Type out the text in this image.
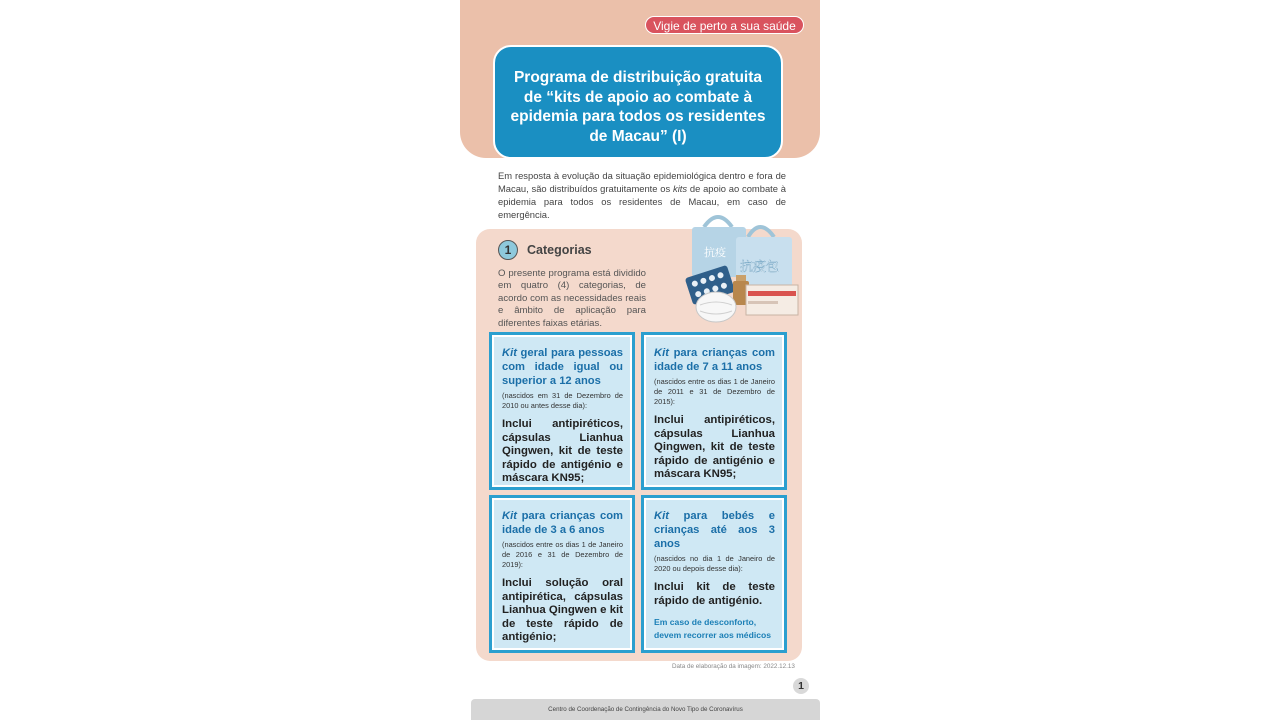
Vigie de perto a sua saúde
Programa de distribuição gratuita de “kits de apoio ao combate à epidemia para todos os residentes de Macau” (I)
Em resposta à evolução da situação epidemiológica dentro e fora de Macau, são distribuídos gratuitamente os kits de apoio ao combate à epidemia para todos os residentes de Macau, em caso de emergência.
1	Categorias
O presente programa está dividido em quatro (4) categorias, de acordo com as necessidades reais e âmbito de aplicação para diferentes faixas etárias.
抗疫
抗疫包
Kit geral para pessoas com idade igual ou superior a 12 anos
(nascidos em 31 de Dezembro de 2010 ou antes desse dia):
Inclui antipiréticos, cápsulas Lianhua Qingwen, kit de teste rápido de antigénio e máscara KN95;
Kit para crianças com idade de 7 a 11 anos
(nascidos entre os dias 1 de Janeiro de 2011 e 31 de Dezembro de 2015):
Inclui antipiréticos, cápsulas Lianhua Qingwen, kit de teste rápido de antigénio e máscara KN95;
Kit para crianças com idade de 3 a 6 anos
(nascidos entre os dias 1 de Janeiro de 2016 e 31 de Dezembro de 2019):
Inclui solução oral antipirética, cápsulas Lianhua Qingwen e kit de teste rápido de antigénio;
Kit para bebés e crianças até aos 3 anos
(nascidos no dia 1 de Janeiro de 2020 ou depois desse dia):
Inclui kit de teste rápido de antigénio.
Em caso de desconforto, devem recorrer aos médicos
Data de elaboração da imagem: 2022.12.13
1
Centro de Coordenação de Contingência do Novo Tipo de Coronavírus
